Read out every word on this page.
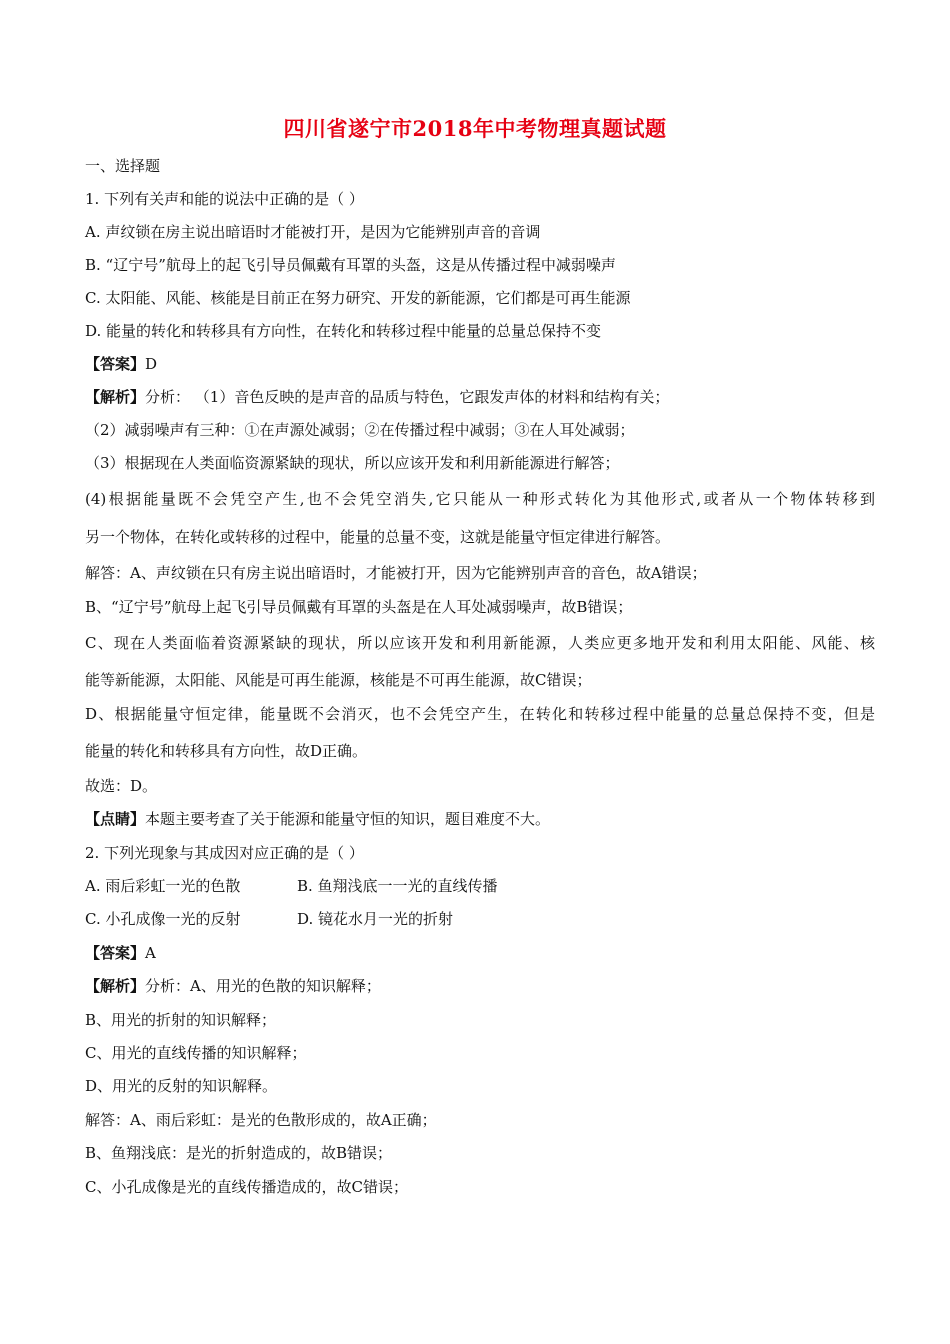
四川省遂宁市2018年中考物理真题试题
一、选择题
1. 下列有关声和能的说法中正确的是（ ）
A. 声纹锁在房主说出暗语时才能被打开，是因为它能辨别声音的音调
B. “辽宁号”航母上的起飞引导员佩戴有耳罩的头盔，这是从传播过程中减弱噪声
C. 太阳能、风能、核能是目前正在努力研究、开发的新能源，它们都是可再生能源
D. 能量的转化和转移具有方向性，在转化和转移过程中能量的总量总保持不变
【答案】D
【解析】分析： （1）音色反映的是声音的品质与特色，它跟发声体的材料和结构有关；
（2）减弱噪声有三种：①在声源处减弱；②在传播过程中减弱；③在人耳处减弱；
（3）根据现在人类面临资源紧缺的现状，所以应该开发和利用新能源进行解答；
(4)根据能量既不会凭空产生,也不会凭空消失,它只能从一种形式转化为其他形式,或者从一个物体转移到
另一个物体，在转化或转移的过程中，能量的总量不变，这就是能量守恒定律进行解答。
解答：A、声纹锁在只有房主说出暗语时，才能被打开，因为它能辨别声音的音色，故A错误；
B、“辽宁号”航母上起飞引导员佩戴有耳罩的头盔是在人耳处减弱噪声，故B错误；
C、现在人类面临着资源紧缺的现状，所以应该开发和利用新能源，人类应更多地开发和利用太阳能、风能、核
能等新能源，太阳能、风能是可再生能源，核能是不可再生能源，故C错误；
D、根据能量守恒定律，能量既不会消灭，也不会凭空产生，在转化和转移过程中能量的总量总保持不变，但是
能量的转化和转移具有方向性，故D正确。
故选：D。
【点睛】本题主要考查了关于能源和能量守恒的知识，题目难度不大。
2. 下列光现象与其成因对应正确的是（ ）
A. 雨后彩虹一光的色散	B. 鱼翔浅底一一光的直线传播
C. 小孔成像一光的反射	D. 镜花水月一光的折射
【答案】A
【解析】分析：A、用光的色散的知识解释；
B、用光的折射的知识解释；
C、用光的直线传播的知识解释；
D、用光的反射的知识解释。
解答：A、雨后彩虹：是光的色散形成的，故A正确；
B、鱼翔浅底：是光的折射造成的，故B错误；
C、小孔成像是光的直线传播造成的，故C错误；
